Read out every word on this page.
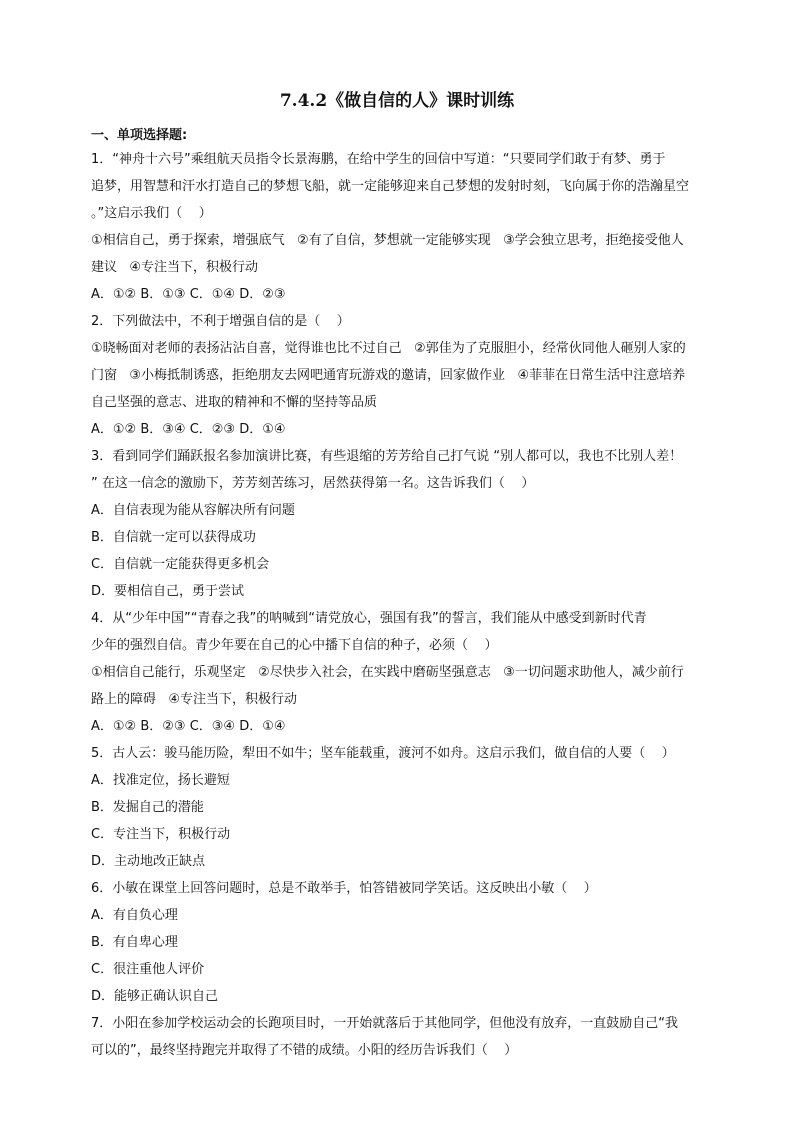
7.4.2《做自信的人》课时训练
一、单项选择题:
1．“神舟十六号”乘组航天员指令长景海鹏，在给中学生的回信中写道：“只要同学们敢于有梦、勇于
追梦，用智慧和汗水打造自己的梦想飞船，就一定能够迎来自己梦想的发射时刻，飞向属于你的浩瀚星空
。”这启示我们（    ）
①相信自己，勇于探索，增强底气   ②有了自信，梦想就一定能够实现   ③学会独立思考，拒绝接受他人
建议   ④专注当下，积极行动
A．①② B．①③ C．①④ D．②③
2．下列做法中，不利于增强自信的是（    ）
①晓畅面对老师的表扬沾沾自喜，觉得谁也比不过自己   ②郭佳为了克服胆小，经常伙同他人砸别人家的
门窗   ③小梅抵制诱惑，拒绝朋友去网吧通宵玩游戏的邀请，回家做作业   ④菲菲在日常生活中注意培养
自己坚强的意志、进取的精神和不懈的坚持等品质
A．①② B．③④ C．②③ D．①④
3．看到同学们踊跃报名参加演讲比赛，有些退缩的芳芳给自己打气说 “别人都可以，我也不比别人差！
” 在这一信念的激励下，芳芳刻苦练习，居然获得第一名。这告诉我们（    ）
A．自信表现为能从容解决所有问题
B．自信就一定可以获得成功
C．自信就一定能获得更多机会
D．要相信自己，勇于尝试
4．从“少年中国”“青春之我”的呐喊到“请党放心，强国有我”的誓言，我们能从中感受到新时代青
少年的强烈自信。青少年要在自己的心中播下自信的种子，必须（    ）
①相信自己能行，乐观坚定   ②尽快步入社会，在实践中磨砺坚强意志   ③一切问题求助他人，减少前行
路上的障碍   ④专注当下，积极行动
A．①② B．②③ C．③④ D．①④
5．古人云：骏马能历险，犁田不如牛；坚车能载重，渡河不如舟。这启示我们，做自信的人要（    ）
A．找准定位，扬长避短
B．发掘自己的潜能
C．专注当下，积极行动
D．主动地改正缺点
6．小敏在课堂上回答问题时，总是不敢举手，怕答错被同学笑话。这反映出小敏（    ）
A．有自负心理
B．有自卑心理
C．很注重他人评价
D．能够正确认识自己
7．小阳在参加学校运动会的长跑项目时，一开始就落后于其他同学，但他没有放弃，一直鼓励自己“我
可以的”，最终坚持跑完并取得了不错的成绩。小阳的经历告诉我们（    ）
